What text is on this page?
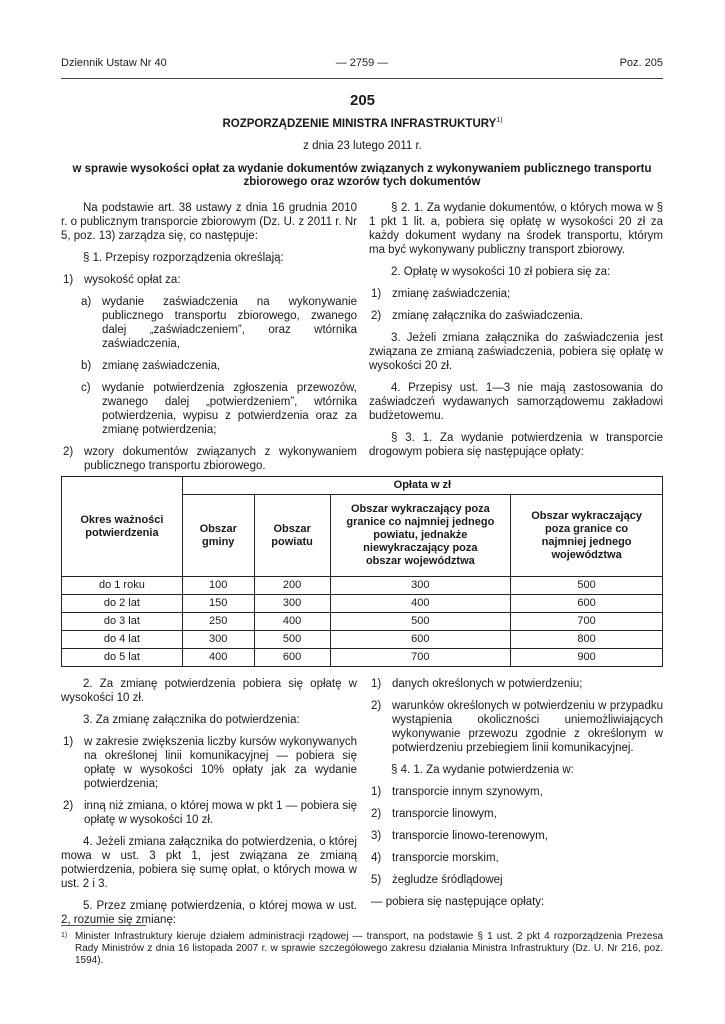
Dziennik Ustaw Nr 40	— 2759 —	Poz. 205
205
ROZPORZĄDZENIE MINISTRA INFRASTRUKTURY$^{1)}$
z dnia 23 lutego 2011 r.
w sprawie wysokości opłat za wydanie dokumentów związanych z wykonywaniem publicznego transportu zbiorowego oraz wzorów tych dokumentów

Na podstawie art. 38 ustawy z dnia 16 grudnia 2010 r. o publicznym transporcie zbiorowym (Dz. U. z 2011 r. Nr 5, poz. 13) zarządza się, co następuje:

§ 1. Przepisy rozporządzenia określają:

1) wysokość opłat za:
a) wydanie zaświadczenia na wykonywanie publicznego transportu zbiorowego, zwanego dalej „zaświadczeniem”, oraz wtórnika zaświadczenia,
b) zmianę zaświadczenia,
c) wydanie potwierdzenia zgłoszenia przewozów, zwanego dalej „potwierdzeniem”, wtórnika potwierdzenia, wypisu z potwierdzenia oraz za zmianę potwierdzenia;
2) wzory dokumentów związanych z wykonywaniem publicznego transportu zbiorowego.

§ 2. 1. Za wydanie dokumentów, o których mowa w § 1 pkt 1 lit. a, pobiera się opłatę w wysokości 20 zł za każdy dokument wydany na środek transportu, którym ma być wykonywany publiczny transport zbiorowy.

2. Opłatę w wysokości 10 zł pobiera się za:

1) zmianę zaświadczenia;
2) zmianę załącznika do zaświadczenia.

3. Jeżeli zmiana załącznika do zaświadczenia jest związana ze zmianą zaświadczenia, pobiera się opłatę w wysokości 20 zł.

4. Przepisy ust. 1—3 nie mają zastosowania do zaświadczeń wydawanych samorządowemu zakładowi budżetowemu.

§ 3. 1. Za wydanie potwierdzenia w transporcie drogowym pobiera się następujące opłaty:

Okres ważności potwierdzenia	Opłata w zł			
	Obszar gminy	Obszar powiatu	Obszar wykraczający poza granice co najmniej jednego powiatu, jednakże niewykraczający poza obszar województwa	Obszar wykraczający poza granice co najmniej jednego województwa
do 1 roku	100	200	300	500
do 2 lat	150	300	400	600
do 3 lat	250	400	500	700
do 4 lat	300	500	600	800
do 5 lat	400	600	700	900

2. Za zmianę potwierdzenia pobiera się opłatę w wysokości 10 zł.

3. Za zmianę załącznika do potwierdzenia:

1) w zakresie zwiększenia liczby kursów wykonywanych na określonej linii komunikacyjnej — pobiera się opłatę w wysokości 10% opłaty jak za wydanie potwierdzenia;
2) inną niż zmiana, o której mowa w pkt 1 — pobiera się opłatę w wysokości 10 zł.

4. Jeżeli zmiana załącznika do potwierdzenia, o której mowa w ust. 3 pkt 1, jest związana ze zmianą potwierdzenia, pobiera się sumę opłat, o których mowa w ust. 2 i 3.

5. Przez zmianę potwierdzenia, o której mowa w ust. 2, rozumie się zmianę:

1) danych określonych w potwierdzeniu;
2) warunków określonych w potwierdzeniu w przypadku wystąpienia okoliczności uniemożliwiających wykonywanie przewozu zgodnie z określonym w potwierdzeniu przebiegiem linii komunikacyjnej.

§ 4. 1. Za wydanie potwierdzenia w:

1) transporcie innym szynowym,
2) transporcie linowym,
3) transporcie linowo-terenowym,
4) transporcie morskim,
5) żegludze śródlądowej

— pobiera się następujące opłaty:

1) Minister Infrastruktury kieruje działem administracji rządowej — transport, na podstawie § 1 ust. 2 pkt 4 rozporządzenia Prezesa Rady Ministrów z dnia 16 listopada 2007 r. w sprawie szczegółowego zakresu działania Ministra Infrastruktury (Dz. U. Nr 216, poz. 1594).
